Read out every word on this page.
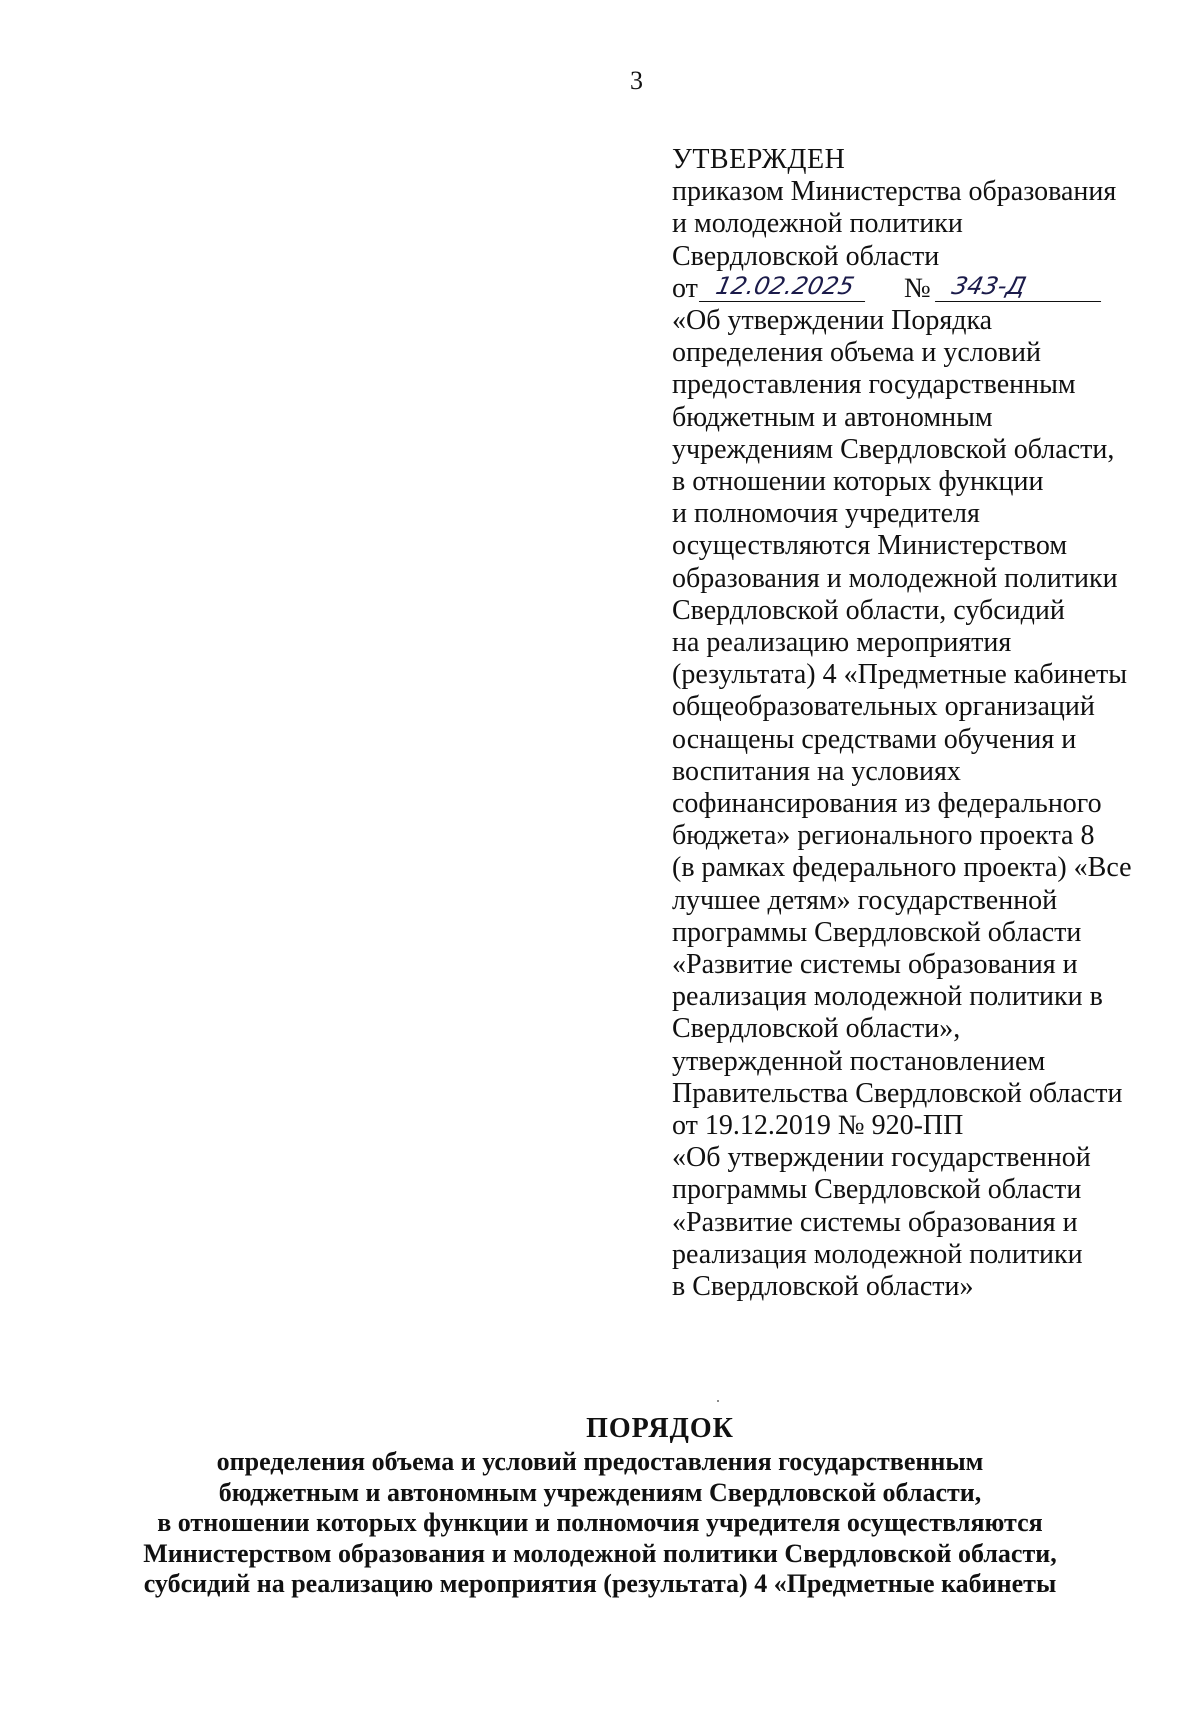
3
УТВЕРЖДЕН
приказом Министерства образования
и молодежной политики
Свердловской области
от 12.02.2025	№ 343-Д
«Об утверждении Порядка
определения объема и условий
предоставления государственным
бюджетным и автономным
учреждениям Свердловской области,
в отношении которых функции
и полномочия учредителя
осуществляются Министерством
образования и молодежной политики
Свердловской области, субсидий
на реализацию мероприятия
(результата) 4 «Предметные кабинеты
общеобразовательных организаций
оснащены средствами обучения и
воспитания на условиях
софинансирования из федерального
бюджета» регионального проекта 8
(в рамках федерального проекта) «Все
лучшее детям» государственной
программы Свердловской области
«Развитие системы образования и
реализация молодежной политики в
Свердловской области»,
утвержденной постановлением
Правительства Свердловской области
от 19.12.2019 № 920-ПП
«Об утверждении государственной
программы Свердловской области
«Развитие системы образования и
реализация молодежной политики
в Свердловской области»
ПОРЯДОК
определения объема и условий предоставления государственным
бюджетным и автономным учреждениям Свердловской области,
в отношении которых функции и полномочия учредителя осуществляются
Министерством образования и молодежной политики Свердловской области,
субсидий на реализацию мероприятия (результата) 4 «Предметные кабинеты
